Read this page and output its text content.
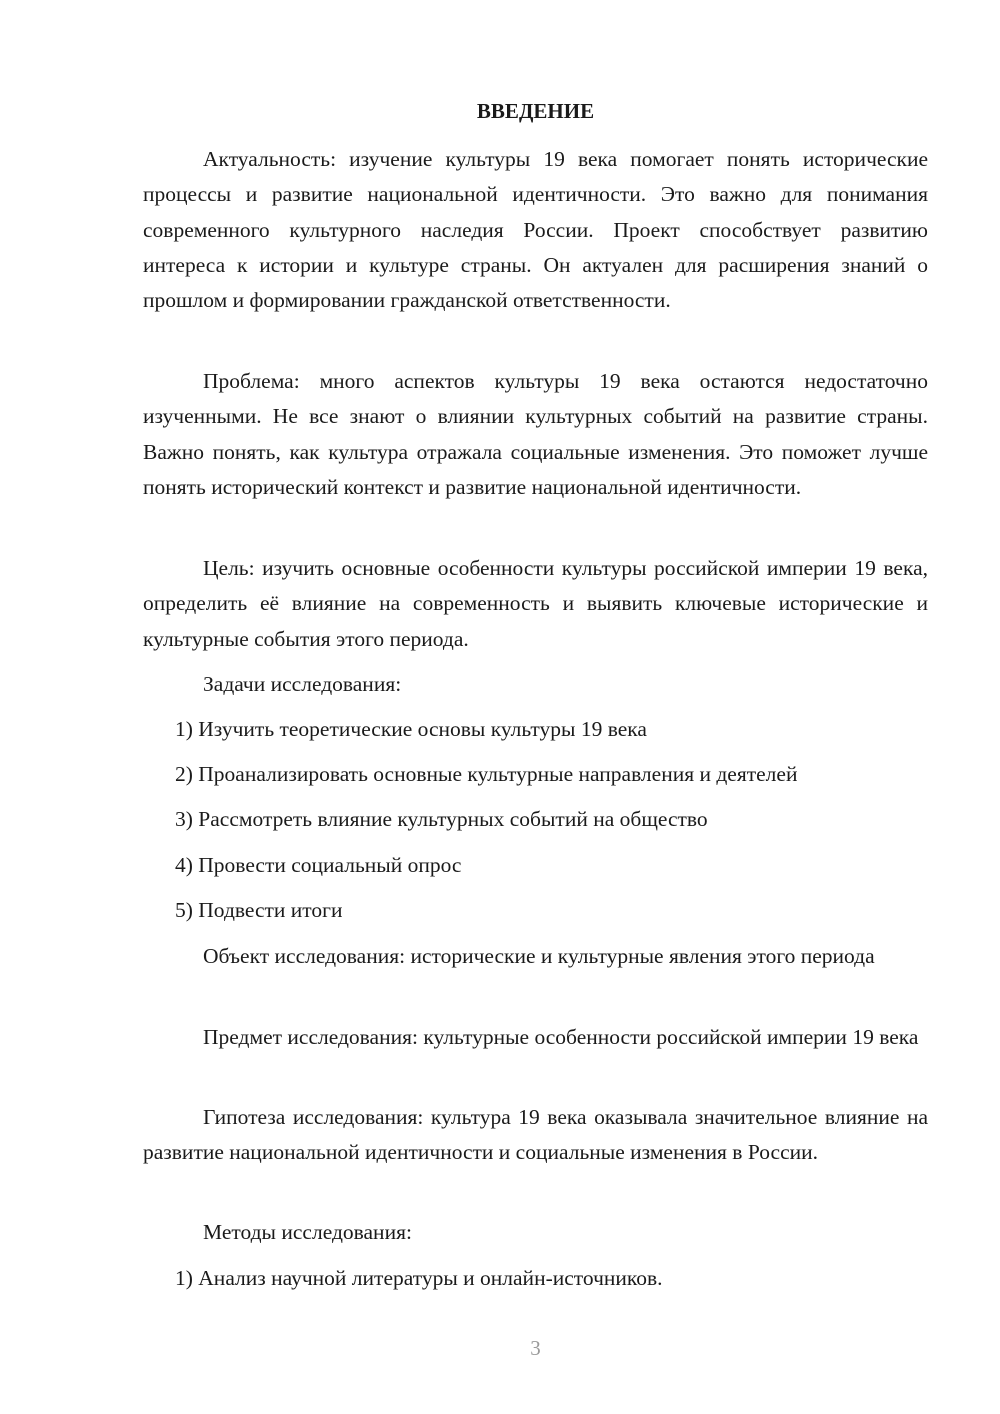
ВВЕДЕНИЕ

Актуальность: изучение культуры 19 века помогает понять исторические процессы и развитие национальной идентичности. Это важно для понимания современного культурного наследия России. Проект способствует развитию интереса к истории и культуре страны. Он актуален для расширения знаний о прошлом и формировании гражданской ответственности.

Проблема: много аспектов культуры 19 века остаются недостаточно изученными. Не все знают о влиянии культурных событий на развитие страны. Важно понять, как культура отражала социальные изменения. Это поможет лучше понять исторический контекст и развитие национальной идентичности.

Цель: изучить основные особенности культуры российской империи 19 века, определить её влияние на современность и выявить ключевые исторические и культурные события этого периода.

Задачи исследования:

1) Изучить теоретические основы культуры 19 века

2) Проанализировать основные культурные направления и деятелей

3) Рассмотреть влияние культурных событий на общество

4) Провести социальный опрос

5) Подвести итоги

Объект исследования: исторические и культурные явления этого периода

Предмет исследования: культурные особенности российской империи 19 века

Гипотеза исследования: культура 19 века оказывала значительное влияние на развитие национальной идентичности и социальные изменения в России.

Методы исследования:

1) Анализ научной литературы и онлайн-источников.

3
